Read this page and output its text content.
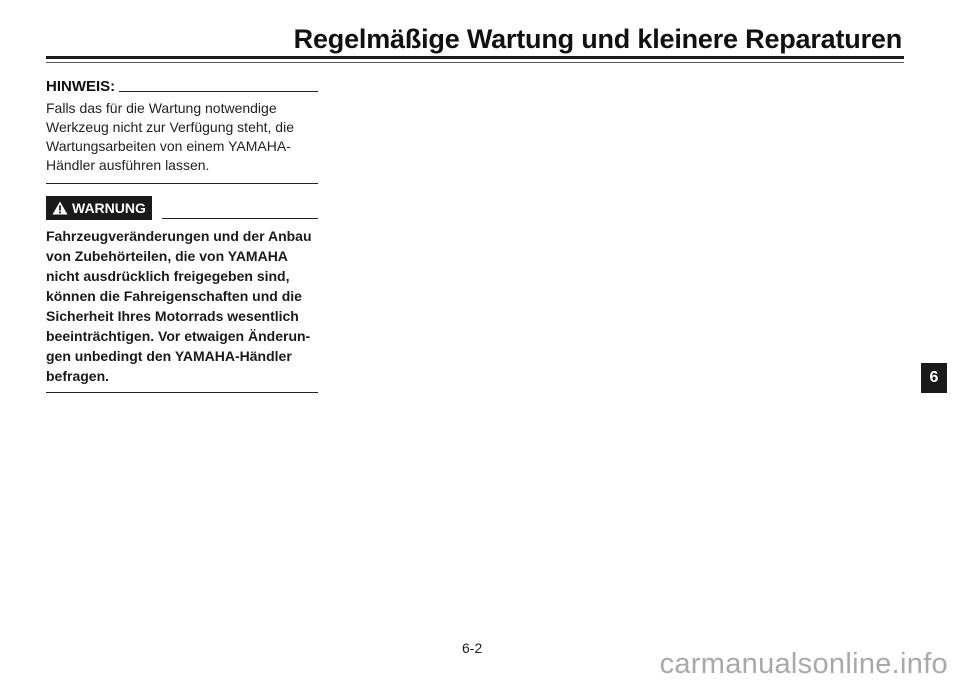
Regelmäßige Wartung und kleinere Reparaturen
HINWEIS:
Falls das für die Wartung notwendige
Werkzeug nicht zur Verfügung steht, die
Wartungsarbeiten von einem YAMAHA-
Händler ausführen lassen.
WARNUNG
Fahrzeugveränderungen und der Anbau
von Zubehörteilen, die von YAMAHA
nicht ausdrücklich freigegeben sind,
können die Fahreigenschaften und die
Sicherheit Ihres Motorrads wesentlich
beeinträchtigen. Vor etwaigen Änderun-
gen unbedingt den YAMAHA-Händler
befragen.	6
6-2	carmanualsonline.info
